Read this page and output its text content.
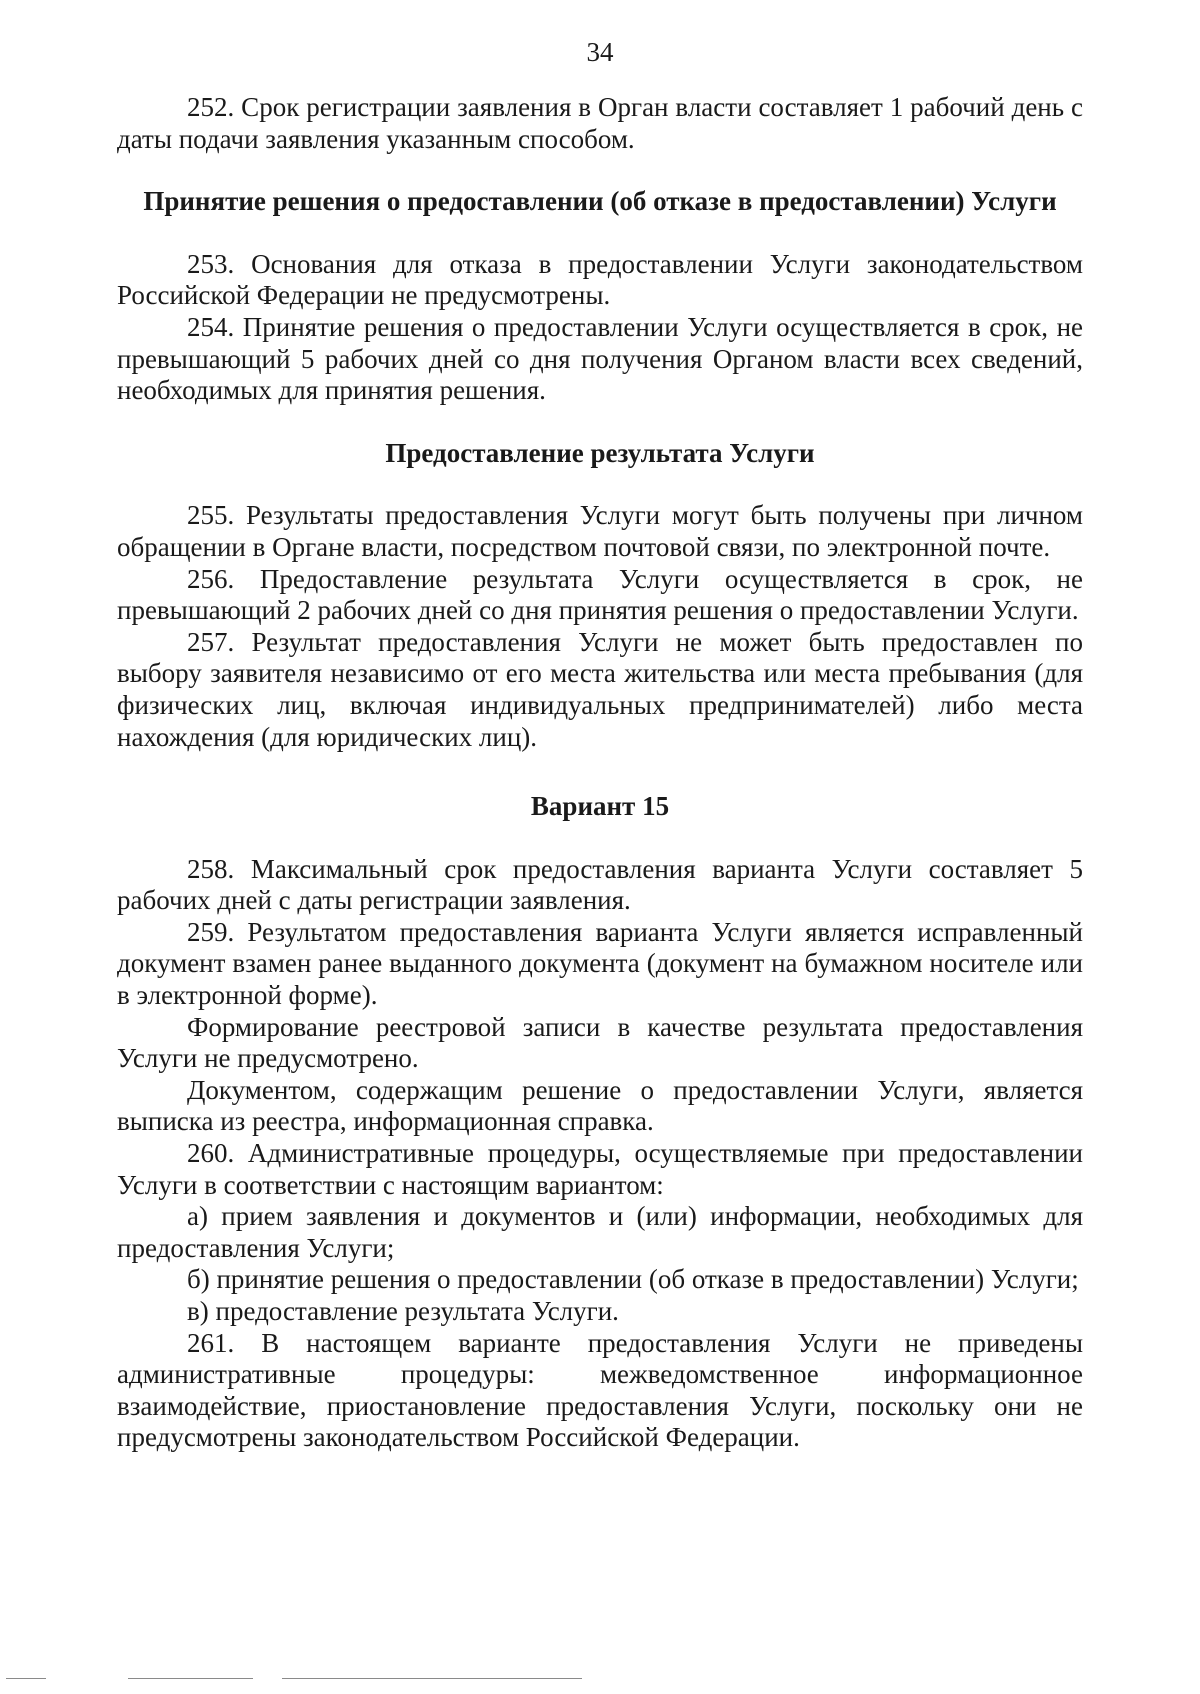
34

252. Срок регистрации заявления в Орган власти составляет 1 рабочий день с даты подачи заявления указанным способом.

Принятие решения о предоставлении (об отказе в предоставлении) Услуги

253. Основания для отказа в предоставлении Услуги законодательством Российской Федерации не предусмотрены.

254. Принятие решения о предоставлении Услуги осуществляется в срок, не превышающий 5 рабочих дней со дня получения Органом власти всех сведений, необходимых для принятия решения.

Предоставление результата Услуги

255. Результаты предоставления Услуги могут быть получены при личном обращении в Органе власти, посредством почтовой связи, по электронной почте.

256. Предоставление результата Услуги осуществляется в срок, не превышающий 2 рабочих дней со дня принятия решения о предоставлении Услуги.

257. Результат предоставления Услуги не может быть предоставлен по выбору заявителя независимо от его места жительства или места пребывания (для физических лиц, включая индивидуальных предпринимателей) либо места нахождения (для юридических лиц).

Вариант 15

258. Максимальный срок предоставления варианта Услуги составляет 5 рабочих дней с даты регистрации заявления.

259. Результатом предоставления варианта Услуги является исправленный документ взамен ранее выданного документа (документ на бумажном носителе или в электронной форме).

Формирование реестровой записи в качестве результата предоставления Услуги не предусмотрено.

Документом, содержащим решение о предоставлении Услуги, является выписка из реестра, информационная справка.

260. Административные процедуры, осуществляемые при предоставлении Услуги в соответствии с настоящим вариантом:

а) прием заявления и документов и (или) информации, необходимых для предоставления Услуги;

б) принятие решения о предоставлении (об отказе в предоставлении) Услуги;

в) предоставление результата Услуги.

261. В настоящем варианте предоставления Услуги не приведены административные процедуры: межведомственное информационное взаимодействие, приостановление предоставления Услуги, поскольку они не предусмотрены законодательством Российской Федерации.
